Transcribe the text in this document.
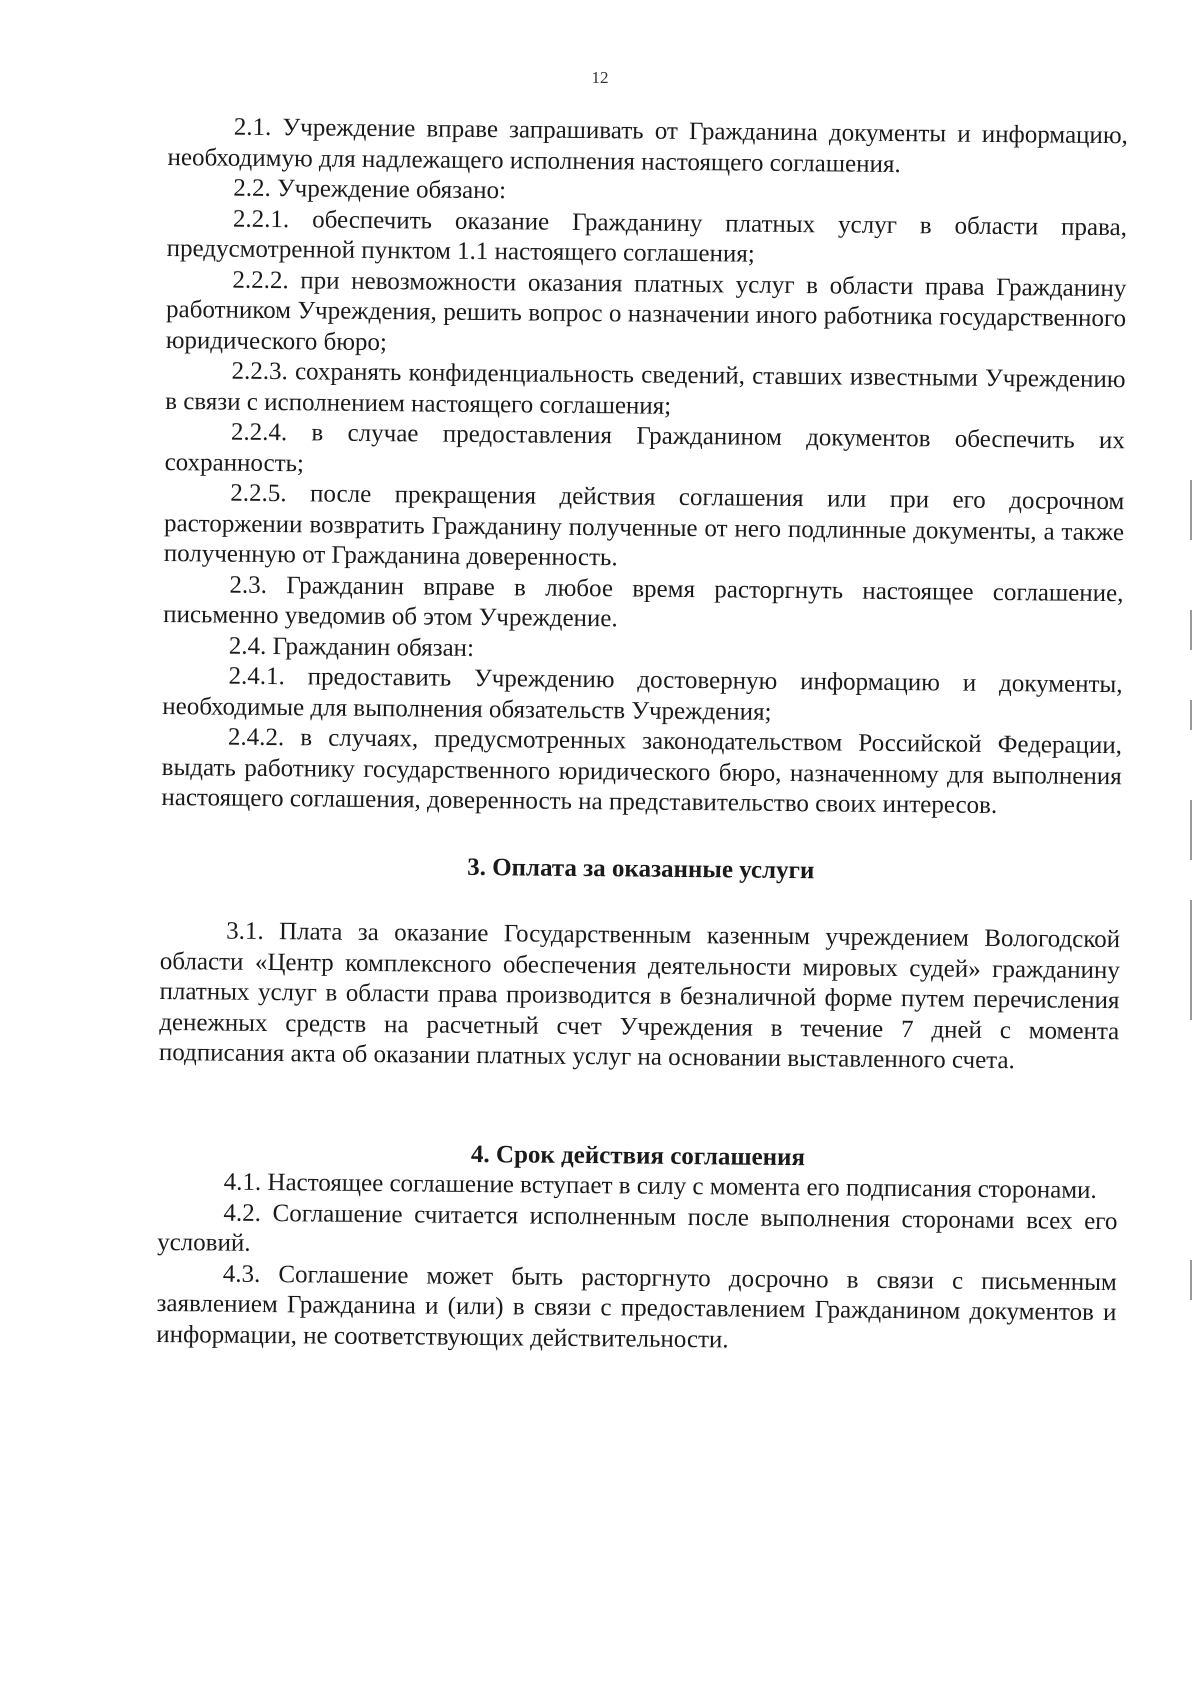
12

2.1. Учреждение вправе запрашивать от Гражданина документы и информацию, необходимую для надлежащего исполнения настоящего соглашения.

2.2. Учреждение обязано:

2.2.1. обеспечить оказание Гражданину платных услуг в области права, предусмотренной пунктом 1.1 настоящего соглашения;

2.2.2. при невозможности оказания платных услуг в области права Гражданину работником Учреждения, решить вопрос о назначении иного работника государственного юридического бюро;

2.2.3. сохранять конфиденциальность сведений, ставших известными Учреждению в связи с исполнением настоящего соглашения;

2.2.4. в случае предоставления Гражданином документов обеспечить их сохранность;

2.2.5. после прекращения действия соглашения или при его досрочном расторжении возвратить Гражданину полученные от него подлинные документы, а также полученную от Гражданина доверенность.

2.3. Гражданин вправе в любое время расторгнуть настоящее соглашение, письменно уведомив об этом Учреждение.

2.4. Гражданин обязан:

2.4.1. предоставить Учреждению достоверную информацию и документы, необходимые для выполнения обязательств Учреждения;

2.4.2. в случаях, предусмотренных законодательством Российской Федерации, выдать работнику государственного юридического бюро, назначенному для выполнения настоящего соглашения, доверенность на представительство своих интересов.

3. Оплата за оказанные услуги

3.1. Плата за оказание Государственным казенным учреждением Вологодской области «Центр комплексного обеспечения деятельности мировых судей» гражданину платных услуг в области права производится в безналичной форме путем перечисления денежных средств на расчетный счет Учреждения в течение 7 дней с момента подписания акта об оказании платных услуг на основании выставленного счета.

4. Срок действия соглашения

4.1. Настоящее соглашение вступает в силу с момента его подписания сторонами.

4.2. Соглашение считается исполненным после выполнения сторонами всех его условий.

4.3. Соглашение может быть расторгнуто досрочно в связи с письменным заявлением Гражданина и (или) в связи с предоставлением Гражданином документов и информации, не соответствующих действительности.
